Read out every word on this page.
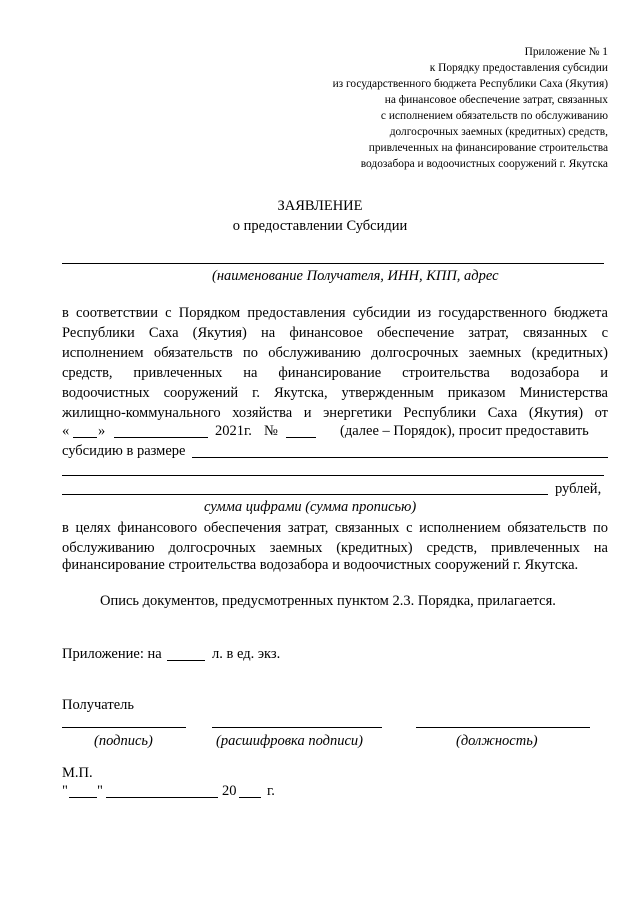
Приложение № 1
к Порядку предоставления субсидии
из государственного бюджета Республики Саха (Якутия)
на финансовое обеспечение затрат, связанных
с исполнением обязательств по обслуживанию
долгосрочных заемных (кредитных) средств,
привлеченных на финансирование строительства
водозабора и водоочистных сооружений г. Якутска
ЗАЯВЛЕНИЕ
о предоставлении Субсидии
(наименование Получателя, ИНН, КПП, адрес
в соответствии с Порядком предоставления субсидии из государственного бюджета
Республики Саха (Якутия) на финансовое обеспечение затрат, связанных с
исполнением обязательств по обслуживанию долгосрочных заемных (кредитных)
средств, привлеченных на финансирование строительства водозабора и
водоочистных сооружений г. Якутска, утвержденным приказом Министерства
жилищно-коммунального хозяйства и энергетики Республики Саха (Якутия) от
« »	2021г. №	(далее – Порядок), просит предоставить
субсидию в размере
рублей,
сумма цифрами (сумма прописью)
в целях финансового обеспечения затрат, связанных с исполнением обязательств по
обслуживанию долгосрочных заемных (кредитных) средств, привлеченных на
финансирование строительства водозабора и водоочистных сооружений г. Якутска.
Опись документов, предусмотренных пунктом 2.3. Порядка, прилагается.
Приложение: на	л. в ед. экз.
Получатель
(подпись)	(расшифровка подписи)	(должность)
М.П.
" "	20 г.
